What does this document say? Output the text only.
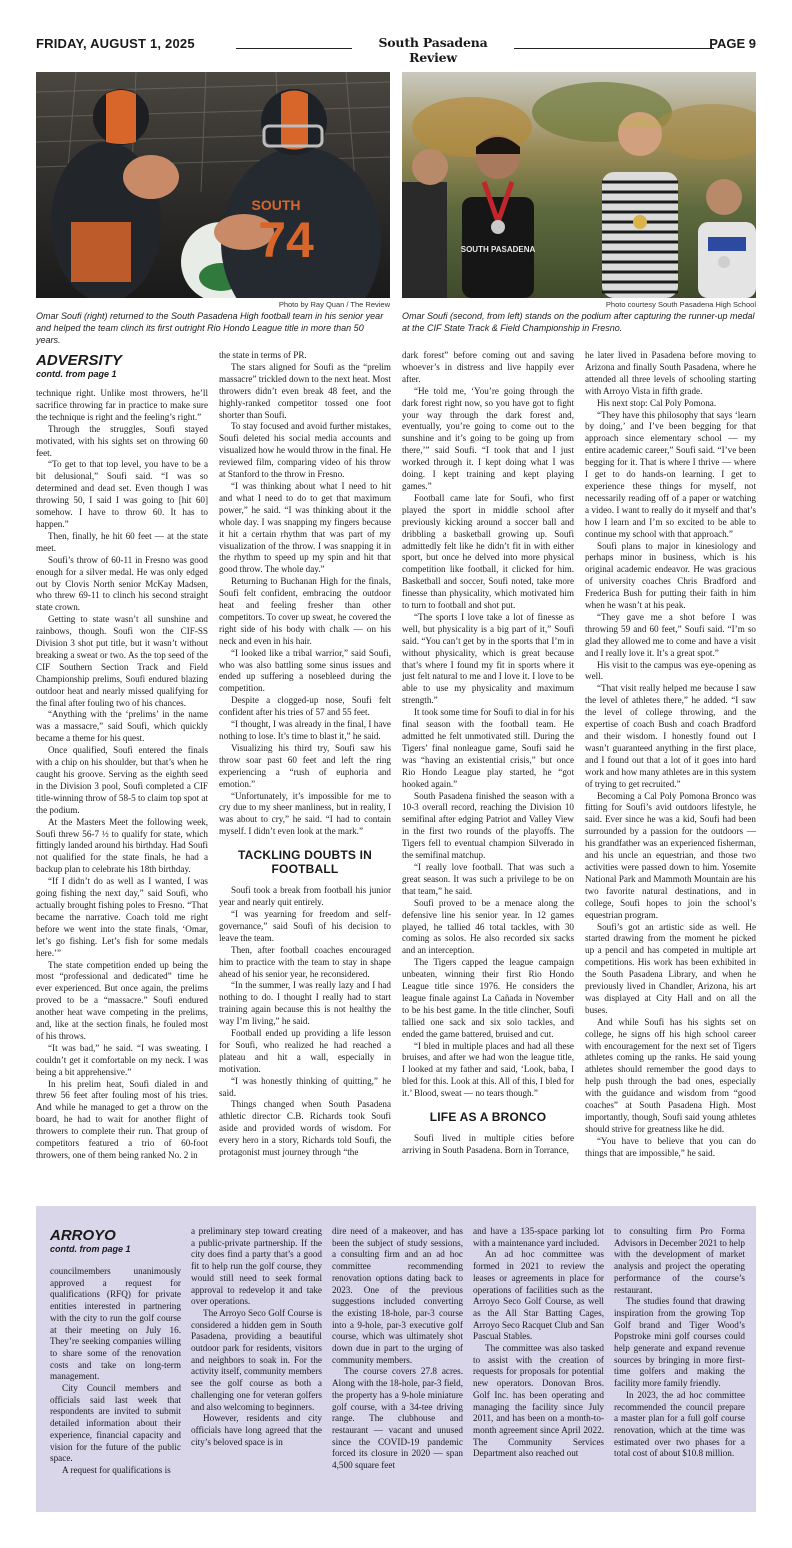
FRIDAY, AUGUST 1, 2025	South Pasadena Review
PAGE 9
74
SOUTH
Photo by Ray Quan / The Review
Omar Soufi (right) returned to the South Pasadena High football team in his senior year and helped the team clinch its first outright Rio Hondo League title in more than 50 years.
SOUTH PASADENA
Photo courtesy South Pasadena High School
Omar Soufi (second, from left) stands on the podium after capturing the runner-up medal at the CIF State Track & Field Championship in Fresno.
ADVERSITY
contd. from page 1

technique right. Unlike most throwers, he’ll sacrifice throwing far in practice to make sure the technique is right and the feeling’s right.”

Through the struggles, Soufi stayed motivated, with his sights set on throwing 60 feet.

“To get to that top level, you have to be a bit delusional,” Soufi said. “I was so determined and dead set. Even though I was throwing 50, I said I was going to [hit 60] somehow. I have to throw 60. It has to happen.”

Then, finally, he hit 60 feet — at the state meet.

Soufi’s throw of 60-11 in Fresno was good enough for a silver medal. He was only edged out by Clovis North senior McKay Madsen, who threw 69-11 to clinch his second straight state crown.

Getting to state wasn’t all sunshine and rainbows, though. Soufi won the CIF-SS Division 3 shot put title, but it wasn’t without breaking a sweat or two. As the top seed of the CIF Southern Section Track and Field Championship prelims, Soufi endured blazing outdoor heat and nearly missed qualifying for the final after fouling two of his chances.

“Anything with the ‘prelims’ in the name was a massacre,” said Soufi, which quickly became a theme for his quest.

Once qualified, Soufi entered the finals with a chip on his shoulder, but that’s when he caught his groove. Serving as the eighth seed in the Division 3 pool, Soufi completed a CIF title-winning throw of 58-5 to claim top spot at the podium.

At the Masters Meet the following week, Soufi threw 56-7 ½ to qualify for state, which fittingly landed around his birthday. Had Soufi not qualified for the state finals, he had a backup plan to celebrate his 18th birthday.

“If I didn’t do as well as I wanted, I was going fishing the next day,” said Soufi, who actually brought fishing poles to Fresno. “That became the narrative. Coach told me right before we went into the state finals, ‘Omar, let’s go fishing. Let’s fish for some medals here.’”

The state competition ended up being the most “professional and dedicated” time he ever experienced. But once again, the prelims proved to be a “massacre.” Soufi endured another heat wave competing in the prelims, and, like at the section finals, he fouled most of his throws.

“It was bad,” he said. “I was sweating. I couldn’t get it comfortable on my neck. I was being a bit apprehensive.”

In his prelim heat, Soufi dialed in and threw 56 feet after fouling most of his tries. And while he managed to get a throw on the board, he had to wait for another flight of throwers to complete their run. That group of competitors featured a trio of 60-foot throwers, one of them being ranked No. 2 in

the state in terms of PR.

The stars aligned for Soufi as the “prelim massacre” trickled down to the next heat. Most throwers didn’t even break 48 feet, and the highly-ranked competitor tossed one foot shorter than Soufi.

To stay focused and avoid further mistakes, Soufi deleted his social media accounts and visualized how he would throw in the final. He reviewed film, comparing video of his throw at Stanford to the throw in Fresno.

“I was thinking about what I need to hit and what I need to do to get that maximum power,” he said. “I was thinking about it the whole day. I was snapping my fingers because it hit a certain rhythm that was part of my visualization of the throw. I was snapping it in the rhythm to speed up my spin and hit that good throw. The whole day.”

Returning to Buchanan High for the finals, Soufi felt confident, embracing the outdoor heat and feeling fresher than other competitors. To cover up sweat, he covered the right side of his body with chalk — on his neck and even in his hair.

“I looked like a tribal warrior,” said Soufi, who was also battling some sinus issues and ended up suffering a nosebleed during the competition.

Despite a clogged-up nose, Soufi felt confident after his tries of 57 and 55 feet.

“I thought, I was already in the final, I have nothing to lose. It’s time to blast it,” he said.

Visualizing his third try, Soufi saw his throw soar past 60 feet and left the ring experiencing a “rush of euphoria and emotion.”

“Unfortunately, it’s impossible for me to cry due to my sheer manliness, but in reality, I was about to cry,” he said. “I had to contain myself. I didn’t even look at the mark.”

TACKLING DOUBTS IN FOOTBALL

Soufi took a break from football his junior year and nearly quit entirely.

“I was yearning for freedom and self-governance,” said Soufi of his decision to leave the team.

Then, after football coaches encouraged him to practice with the team to stay in shape ahead of his senior year, he reconsidered.

“In the summer, I was really lazy and I had nothing to do. I thought I really had to start training again because this is not healthy the way I’m living,” he said.

Football ended up providing a life lesson for Soufi, who realized he had reached a plateau and hit a wall, especially in motivation.

“I was honestly thinking of quitting,” he said.

Things changed when South Pasadena athletic director C.B. Richards took Soufi aside and provided words of wisdom. For every hero in a story, Richards told Soufi, the protagonist must journey through “the

dark forest” before coming out and saving whoever’s in distress and live happily ever after.

“He told me, ‘You’re going through the dark forest right now, so you have got to fight your way through the dark forest and, eventually, you’re going to come out to the sunshine and it’s going to be going up from there,’” said Soufi. “I took that and I just worked through it. I kept doing what I was doing. I kept training and kept playing games.”

Football came late for Soufi, who first played the sport in middle school after previously kicking around a soccer ball and dribbling a basketball growing up. Soufi admittedly felt like he didn’t fit in with either sport, but once he delved into more physical competition like football, it clicked for him. Basketball and soccer, Soufi noted, take more finesse than physicality, which motivated him to turn to football and shot put.

“The sports I love take a lot of finesse as well, but physicality is a big part of it,” Soufi said. “You can’t get by in the sports that I’m in without physicality, which is great because that’s where I found my fit in sports where it just felt natural to me and I love it. I love to be able to use my physicality and maximum strength.”

It took some time for Soufi to dial in for his final season with the football team. He admitted he felt unmotivated still. During the Tigers’ final nonleague game, Soufi said he was “having an existential crisis,” but once Rio Hondo League play started, he “got hooked again.”

South Pasadena finished the season with a 10-3 overall record, reaching the Division 10 semifinal after edging Patriot and Valley View in the first two rounds of the playoffs. The Tigers fell to eventual champion Silverado in the semifinal matchup.

“I really love football. That was such a great season. It was such a privilege to be on that team,” he said.

Soufi proved to be a menace along the defensive line his senior year. In 12 games played, he tallied 46 total tackles, with 30 coming as solos. He also recorded six sacks and an interception.

The Tigers capped the league campaign unbeaten, winning their first Rio Hondo League title since 1976. He considers the league finale against La Cañada in November to be his best game. In the title clincher, Soufi tallied one sack and six solo tackles, and ended the game battered, bruised and cut.

“I bled in multiple places and had all these bruises, and after we had won the league title, I looked at my father and said, ‘Look, baba, I bled for this. Look at this. All of this, I bled for it.’ Blood, sweat — no tears though.”

LIFE AS A BRONCO

Soufi lived in multiple cities before arriving in South Pasadena. Born in Torrance,

he later lived in Pasadena before moving to Arizona and finally South Pasadena, where he attended all three levels of schooling starting with Arroyo Vista in fifth grade.

His next stop: Cal Poly Pomona.

“They have this philosophy that says ‘learn by doing,’ and I’ve been begging for that approach since elementary school — my entire academic career,” Soufi said. “I’ve been begging for it. That is where I thrive — where I get to do hands-on learning. I get to experience these things for myself, not necessarily reading off of a paper or watching a video. I want to really do it myself and that’s how I learn and I’m so excited to be able to continue my school with that approach.”

Soufi plans to major in kinesiology and perhaps minor in business, which is his original academic endeavor. He was gracious of university coaches Chris Bradford and Frederica Bush for putting their faith in him when he wasn’t at his peak.

“They gave me a shot before I was throwing 59 and 60 feet,” Soufi said. “I’m so glad they allowed me to come and have a visit and I really love it. It’s a great spot.”

His visit to the campus was eye-opening as well.

“That visit really helped me because I saw the level of athletes there,” he added. “I saw the level of college throwing, and the expertise of coach Bush and coach Bradford and their wisdom. I honestly found out I wasn’t guaranteed anything in the first place, and I found out that a lot of it goes into hard work and how many athletes are in this system of trying to get recruited.”

Becoming a Cal Poly Pomona Bronco was fitting for Soufi’s avid outdoors lifestyle, he said. Ever since he was a kid, Soufi had been surrounded by a passion for the outdoors — his grandfather was an experienced fisherman, and his uncle an equestrian, and those two activities were passed down to him. Yosemite National Park and Mammoth Mountain are his two favorite natural destinations, and in college, Soufi hopes to join the school’s equestrian program.

Soufi’s got an artistic side as well. He started drawing from the moment he picked up a pencil and has competed in multiple art competitions. His work has been exhibited in the South Pasadena Library, and when he previously lived in Chandler, Arizona, his art was displayed at City Hall and on all the buses.

And while Soufi has his sights set on college, he signs off his high school career with encouragement for the next set of Tigers athletes coming up the ranks. He said young athletes should remember the good days to help push through the bad ones, especially with the guidance and wisdom from “good coaches” at South Pasadena High. Most importantly, though, Soufi said young athletes should strive for greatness like he did.

“You have to believe that you can do things that are impossible,” he said.

ARROYO
contd. from page 1

councilmembers unanimously approved a request for qualifications (RFQ) for private entities interested in partnering with the city to run the golf course at their meeting on July 16. They’re seeking companies willing to share some of the renovation costs and take on long-term management.

City Council members and officials said last week that respondents are invited to submit detailed information about their experience, financial capacity and vision for the future of the public space.

A request for qualifications is

a preliminary step toward creating a public-private partnership. If the city does find a party that’s a good fit to help run the golf course, they would still need to seek formal approval to redevelop it and take over operations.

The Arroyo Seco Golf Course is considered a hidden gem in South Pasadena, providing a beautiful outdoor park for residents, visitors and neighbors to soak in. For the activity itself, community members see the golf course as both a challenging one for veteran golfers and also welcoming to beginners.

However, residents and city officials have long agreed that the city’s beloved space is in

dire need of a makeover, and has been the subject of study sessions, a consulting firm and an ad hoc committee recommending renovation options dating back to 2023. One of the previous suggestions included converting the existing 18-hole, par-3 course into a 9-hole, par-3 executive golf course, which was ultimately shot down due in part to the urging of community members.

The course covers 27.8 acres. Along with the 18-hole, par-3 field, the property has a 9-hole miniature golf course, with a 34-tee driving range. The clubhouse and restaurant — vacant and unused since the COVID-19 pandemic forced its closure in 2020 — span 4,500 square feet

and have a 135-space parking lot with a maintenance yard included.

An ad hoc committee was formed in 2021 to review the leases or agreements in place for operations of facilities such as the Arroyo Seco Golf Course, as well as the All Star Batting Cages, Arroyo Seco Racquet Club and San Pascual Stables.

The committee was also tasked to assist with the creation of requests for proposals for potential new operators. Donovan Bros. Golf Inc. has been operating and managing the facility since July 2011, and has been on a month-to-month agreement since April 2022. The Community Services Department also reached out

to consulting firm Pro Forma Advisors in December 2021 to help with the development of market analysis and project the operating performance of the course’s restaurant.

The studies found that drawing inspiration from the growing Top Golf brand and Tiger Wood’s Popstroke mini golf courses could help generate and expand revenue sources by bringing in more first-time golfers and making the facility more family friendly.

In 2023, the ad hoc committee recommended the council prepare a master plan for a full golf course renovation, which at the time was estimated over two phases for a total cost of about $10.8 million.
